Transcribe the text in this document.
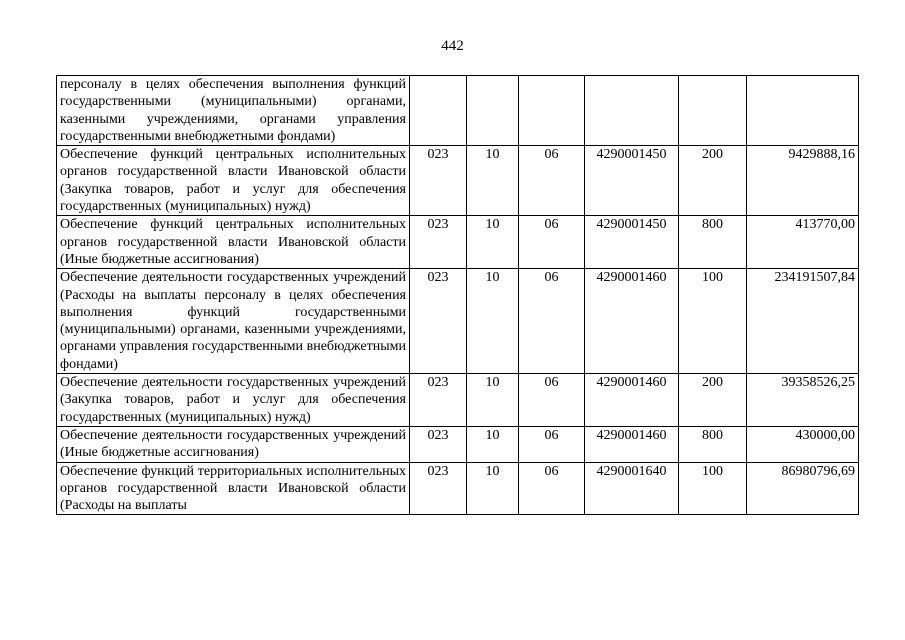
442
персоналу в целях обеспечения выполнения функций государственными (муниципальными) органами, казенными учреждениями, органами управления государственными внебюджетными фондами)						
Обеспечение функций центральных исполнительных органов государственной власти Ивановской области (Закупка товаров, работ и услуг для обеспечения государственных (муниципальных) нужд)	023	10	06	4290001450	200	9429888,16
Обеспечение функций центральных исполнительных органов государственной власти Ивановской области (Иные бюджетные ассигнования)	023	10	06	4290001450	800	413770,00
Обеспечение деятельности государственных учреждений (Расходы на выплаты персоналу в целях обеспечения выполнения функций государственными (муниципальными) органами, казенными учреждениями, органами управления государственными внебюджетными фондами)	023	10	06	4290001460	100	234191507,84
Обеспечение деятельности государственных учреждений (Закупка товаров, работ и услуг для обеспечения государственных (муниципальных) нужд)	023	10	06	4290001460	200	39358526,25
Обеспечение деятельности государственных учреждений (Иные бюджетные ассигнования)	023	10	06	4290001460	800	430000,00
Обеспечение функций территориальных исполнительных органов государственной власти Ивановской области (Расходы на выплаты	023	10	06	4290001640	100	86980796,69
